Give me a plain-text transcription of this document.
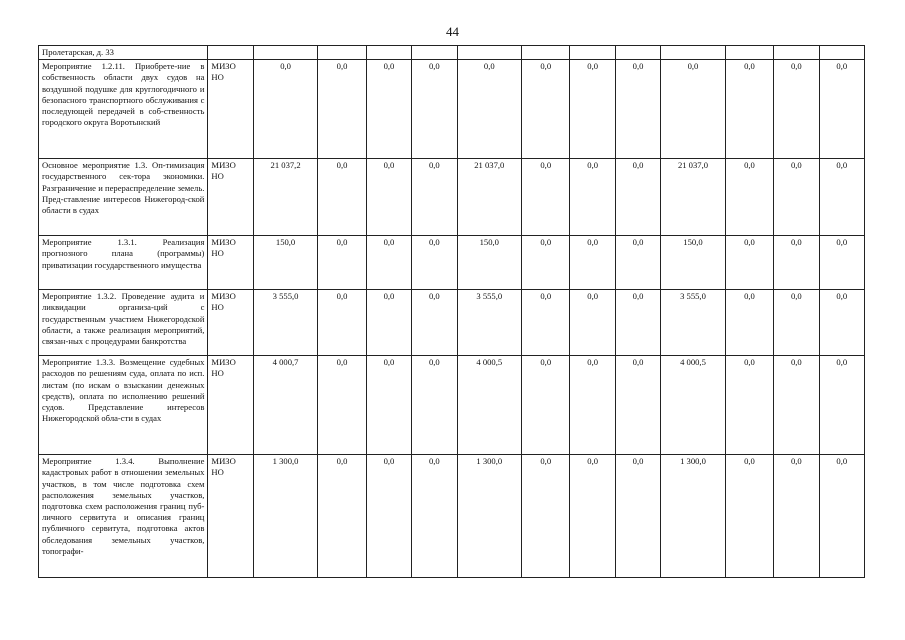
44
Пролетарская, д. 33													
Мероприятие 1.2.11. Приобрете-ние в собственность области двух судов на воздушной подушке для круглогодичного и безопасного транспортного обслуживания с последующей передачей в соб-ственность городского округа Воротынский	МИЗО НО	0,0	0,0	0,0	0,0	0,0	0,0	0,0	0,0	0,0	0,0	0,0	0,0
Основное мероприятие 1.3. Оп-тимизация государственного сек-тора экономики. Разграничение и перераспределение земель. Пред-ставление интересов Нижегород-ской области в судах	МИЗО НО	21 037,2	0,0	0,0	0,0	21 037,0	0,0	0,0	0,0	21 037,0	0,0	0,0	0,0
Мероприятие 1.3.1. Реализация прогнозного плана (программы) приватизации государственного имущества	МИЗО НО	150,0	0,0	0,0	0,0	150,0	0,0	0,0	0,0	150,0	0,0	0,0	0,0
Мероприятие 1.3.2. Проведение аудита и ликвидации организа-ций с государственным участием Нижегородской области, а также реализация мероприятий, связан-ных с процедурами банкротства	МИЗО НО	3 555,0	0,0	0,0	0,0	3 555,0	0,0	0,0	0,0	3 555,0	0,0	0,0	0,0
Мероприятие 1.3.3. Возмещение судебных расходов по решениям суда, оплата по исп. листам (по искам о взыскании денежных средств), оплата по исполнению решений судов. Представление интересов Нижегородской обла-сти в судах	МИЗО НО	4 000,7	0,0	0,0	0,0	4 000,5	0,0	0,0	0,0	4 000,5	0,0	0,0	0,0
Мероприятие 1.3.4. Выполнение кадастровых работ в отношении земельных участков, в том числе подготовка схем расположения земельных участков, подготовка схем расположения границ пуб-личного сервитута и описания границ публичного сервитута, подготовка актов обследования земельных участков, топографи-	МИЗО НО	1 300,0	0,0	0,0	0,0	1 300,0	0,0	0,0	0,0	1 300,0	0,0	0,0	0,0
